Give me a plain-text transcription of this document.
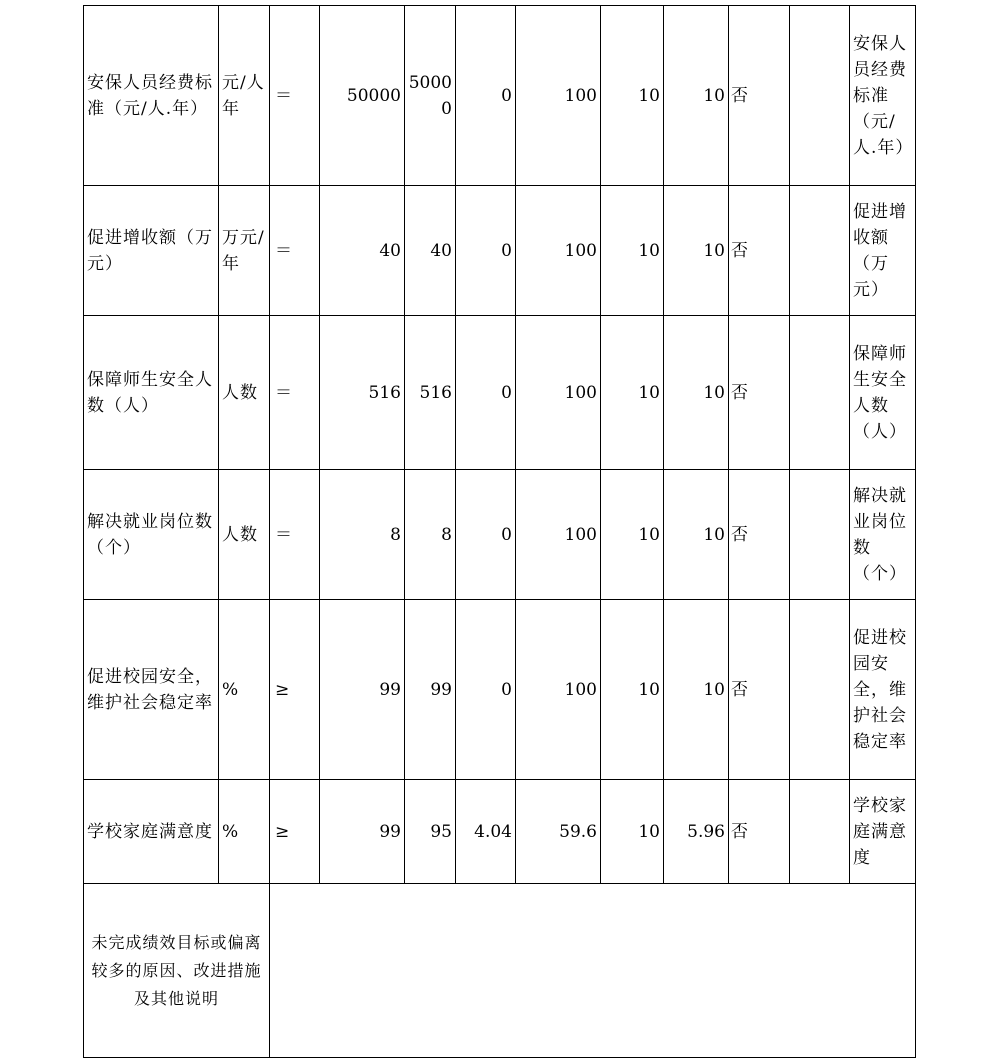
安保人员经费标准（元/人.年）	元/人年	＝	50000	50000	0	100	10	10	否		安保人员经费标准（元/人.年）
促进增收额（万元）	万元/年	＝	40	40	0	100	10	10	否		促进增收额（万元）
保障师生安全人数（人）	人数	＝	516	516	0	100	10	10	否		保障师生安全人数（人）
解决就业岗位数（个）	人数	＝	8	8	0	100	10	10	否		解决就业岗位数（个）
促进校园安全，维护社会稳定率	%	≥	99	99	0	100	10	10	否		促进校园安全，维护社会稳定率
学校家庭满意度	%	≥	99	95	4.04	59.6	10	5.96	否		学校家庭满意度
未完成绩效目标或偏离较多的原因、改进措施及其他说明											
